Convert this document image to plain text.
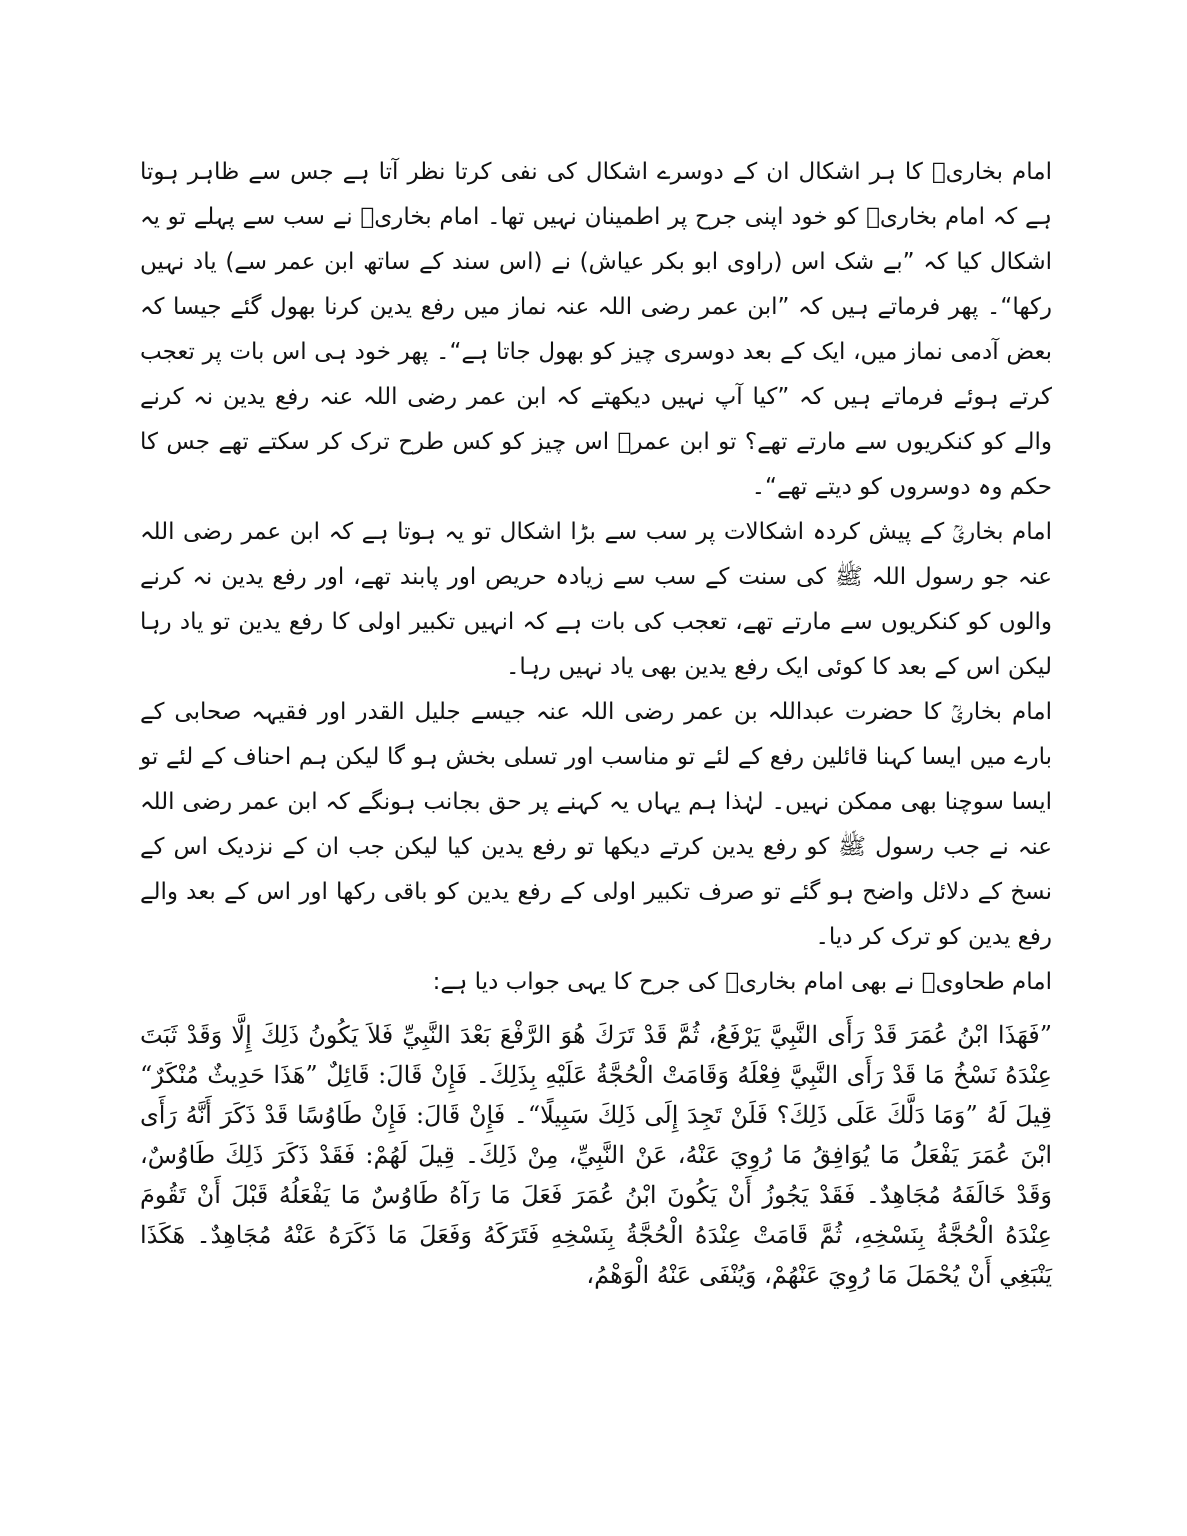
امام بخاریؒ کا ہر اشکال ان کے دوسرے اشکال کی نفی کرتا نظر آتا ہے جس سے ظاہر ہوتا ہے کہ امام بخاریؒ کو خود اپنی جرح پر اطمینان نہیں تھا۔ امام بخاریؒ نے سب سے پہلے تو یہ اشکال کیا کہ ”بے شک اس (راوی ابو بکر عیاش) نے (اس سند کے ساتھ ابن عمر سے) یاد نہیں رکھا“۔ پھر فرماتے ہیں کہ ”ابن عمر رضی اللہ عنہ نماز میں رفع یدین کرنا بھول گئے جیسا کہ بعض آدمی نماز میں، ایک کے بعد دوسری چیز کو بھول جاتا ہے“۔ پھر خود ہی اس بات پر تعجب کرتے ہوئے فرماتے ہیں کہ ”کیا آپ نہیں دیکھتے کہ ابن عمر رضی اللہ عنہ رفع یدین نہ کرنے والے کو کنکریوں سے مارتے تھے؟ تو ابن عمرؓ اس چیز کو کس طرح ترک کر سکتے تھے جس کا حکم وہ دوسروں کو دیتے تھے“۔

امام بخاریؒ کے پیش کردہ اشکالات پر سب سے بڑا اشکال تو یہ ہوتا ہے کہ ابن عمر رضی اللہ عنہ جو رسول اللہ ﷺ کی سنت کے سب سے زیادہ حریص اور پابند تھے، اور رفع یدین نہ کرنے والوں کو کنکریوں سے مارتے تھے، تعجب کی بات ہے کہ انہیں تکبیر اولی کا رفع یدین تو یاد رہا لیکن اس کے بعد کا کوئی ایک رفع یدین بھی یاد نہیں رہا۔

امام بخاریؒ کا حضرت عبداللہ بن عمر رضی اللہ عنہ جیسے جلیل القدر اور فقیہہ صحابی کے بارے میں ایسا کہنا قائلین رفع کے لئے تو مناسب اور تسلی بخش ہو گا لیکن ہم احناف کے لئے تو ایسا سوچنا بھی ممکن نہیں۔ لہٰذا ہم یہاں یہ کہنے پر حق بجانب ہونگے کہ ابن عمر رضی اللہ عنہ نے جب رسول ﷺ کو رفع یدین کرتے دیکھا تو رفع یدین کیا لیکن جب ان کے نزدیک اس کے نسخ کے دلائل واضح ہو گئے تو صرف تکبیر اولی کے رفع یدین کو باقی رکھا اور اس کے بعد والے رفع یدین کو ترک کر دیا۔

امام طحاویؒ نے بھی امام بخاریؒ کی جرح کا یہی جواب دیا ہے:

”فَهَذَا ابْنُ عُمَرَ قَدْ رَأَى النَّبِيَّ يَرْفَعُ، ثُمَّ قَدْ تَرَكَ هُوَ الرَّفْعَ بَعْدَ النَّبِيِّ فَلاَ يَكُونُ ذَلِكَ إِلَّا وَقَدْ ثَبَتَ عِنْدَهُ نَسْخُ مَا قَدْ رَأَى النَّبِيَّ فِعْلَهُ وَقَامَتْ الْحُجَّةُ عَلَيْهِ بِذَلِكَ۔ فَإِنْ قَالَ: قَائِلٌ ”هَذَا حَدِيثٌ مُنْكَرٌ“ قِيلَ لَهُ ”وَمَا دَلَّكَ عَلَى ذَلِكَ؟ فَلَنْ تَجِدَ إِلَى ذَلِكَ سَبِيلًا“۔ فَإِنْ قَالَ: فَإِنْ طَاوُسًا قَدْ ذَكَرَ أَنَّهُ رَأَى ابْنَ عُمَرَ يَفْعَلُ مَا يُوَافِقُ مَا رُوِيَ عَنْهُ، عَنْ النَّبِيِّ، مِنْ ذَلِكَ۔ قِيلَ لَهُمْ: فَقَدْ ذَكَرَ ذَلِكَ طَاوُسٌ، وَقَدْ خَالَفَهُ مُجَاهِدٌ۔ فَقَدْ يَجُوزُ أَنْ يَكُونَ ابْنُ عُمَرَ فَعَلَ مَا رَآهُ طَاوُسٌ مَا يَفْعَلُهُ قَبْلَ أَنْ تَقُومَ عِنْدَهُ الْحُجَّةُ بِنَسْخِهِ، ثُمَّ قَامَتْ عِنْدَهُ الْحُجَّةُ بِنَسْخِهِ فَتَرَكَهُ وَفَعَلَ مَا ذَكَرَهُ عَنْهُ مُجَاهِدٌ۔ هَكَذَا يَنْبَغِي أَنْ يُحْمَلَ مَا رُوِيَ عَنْهُمْ، وَيُنْفَى عَنْهُ الْوَهْمُ،
